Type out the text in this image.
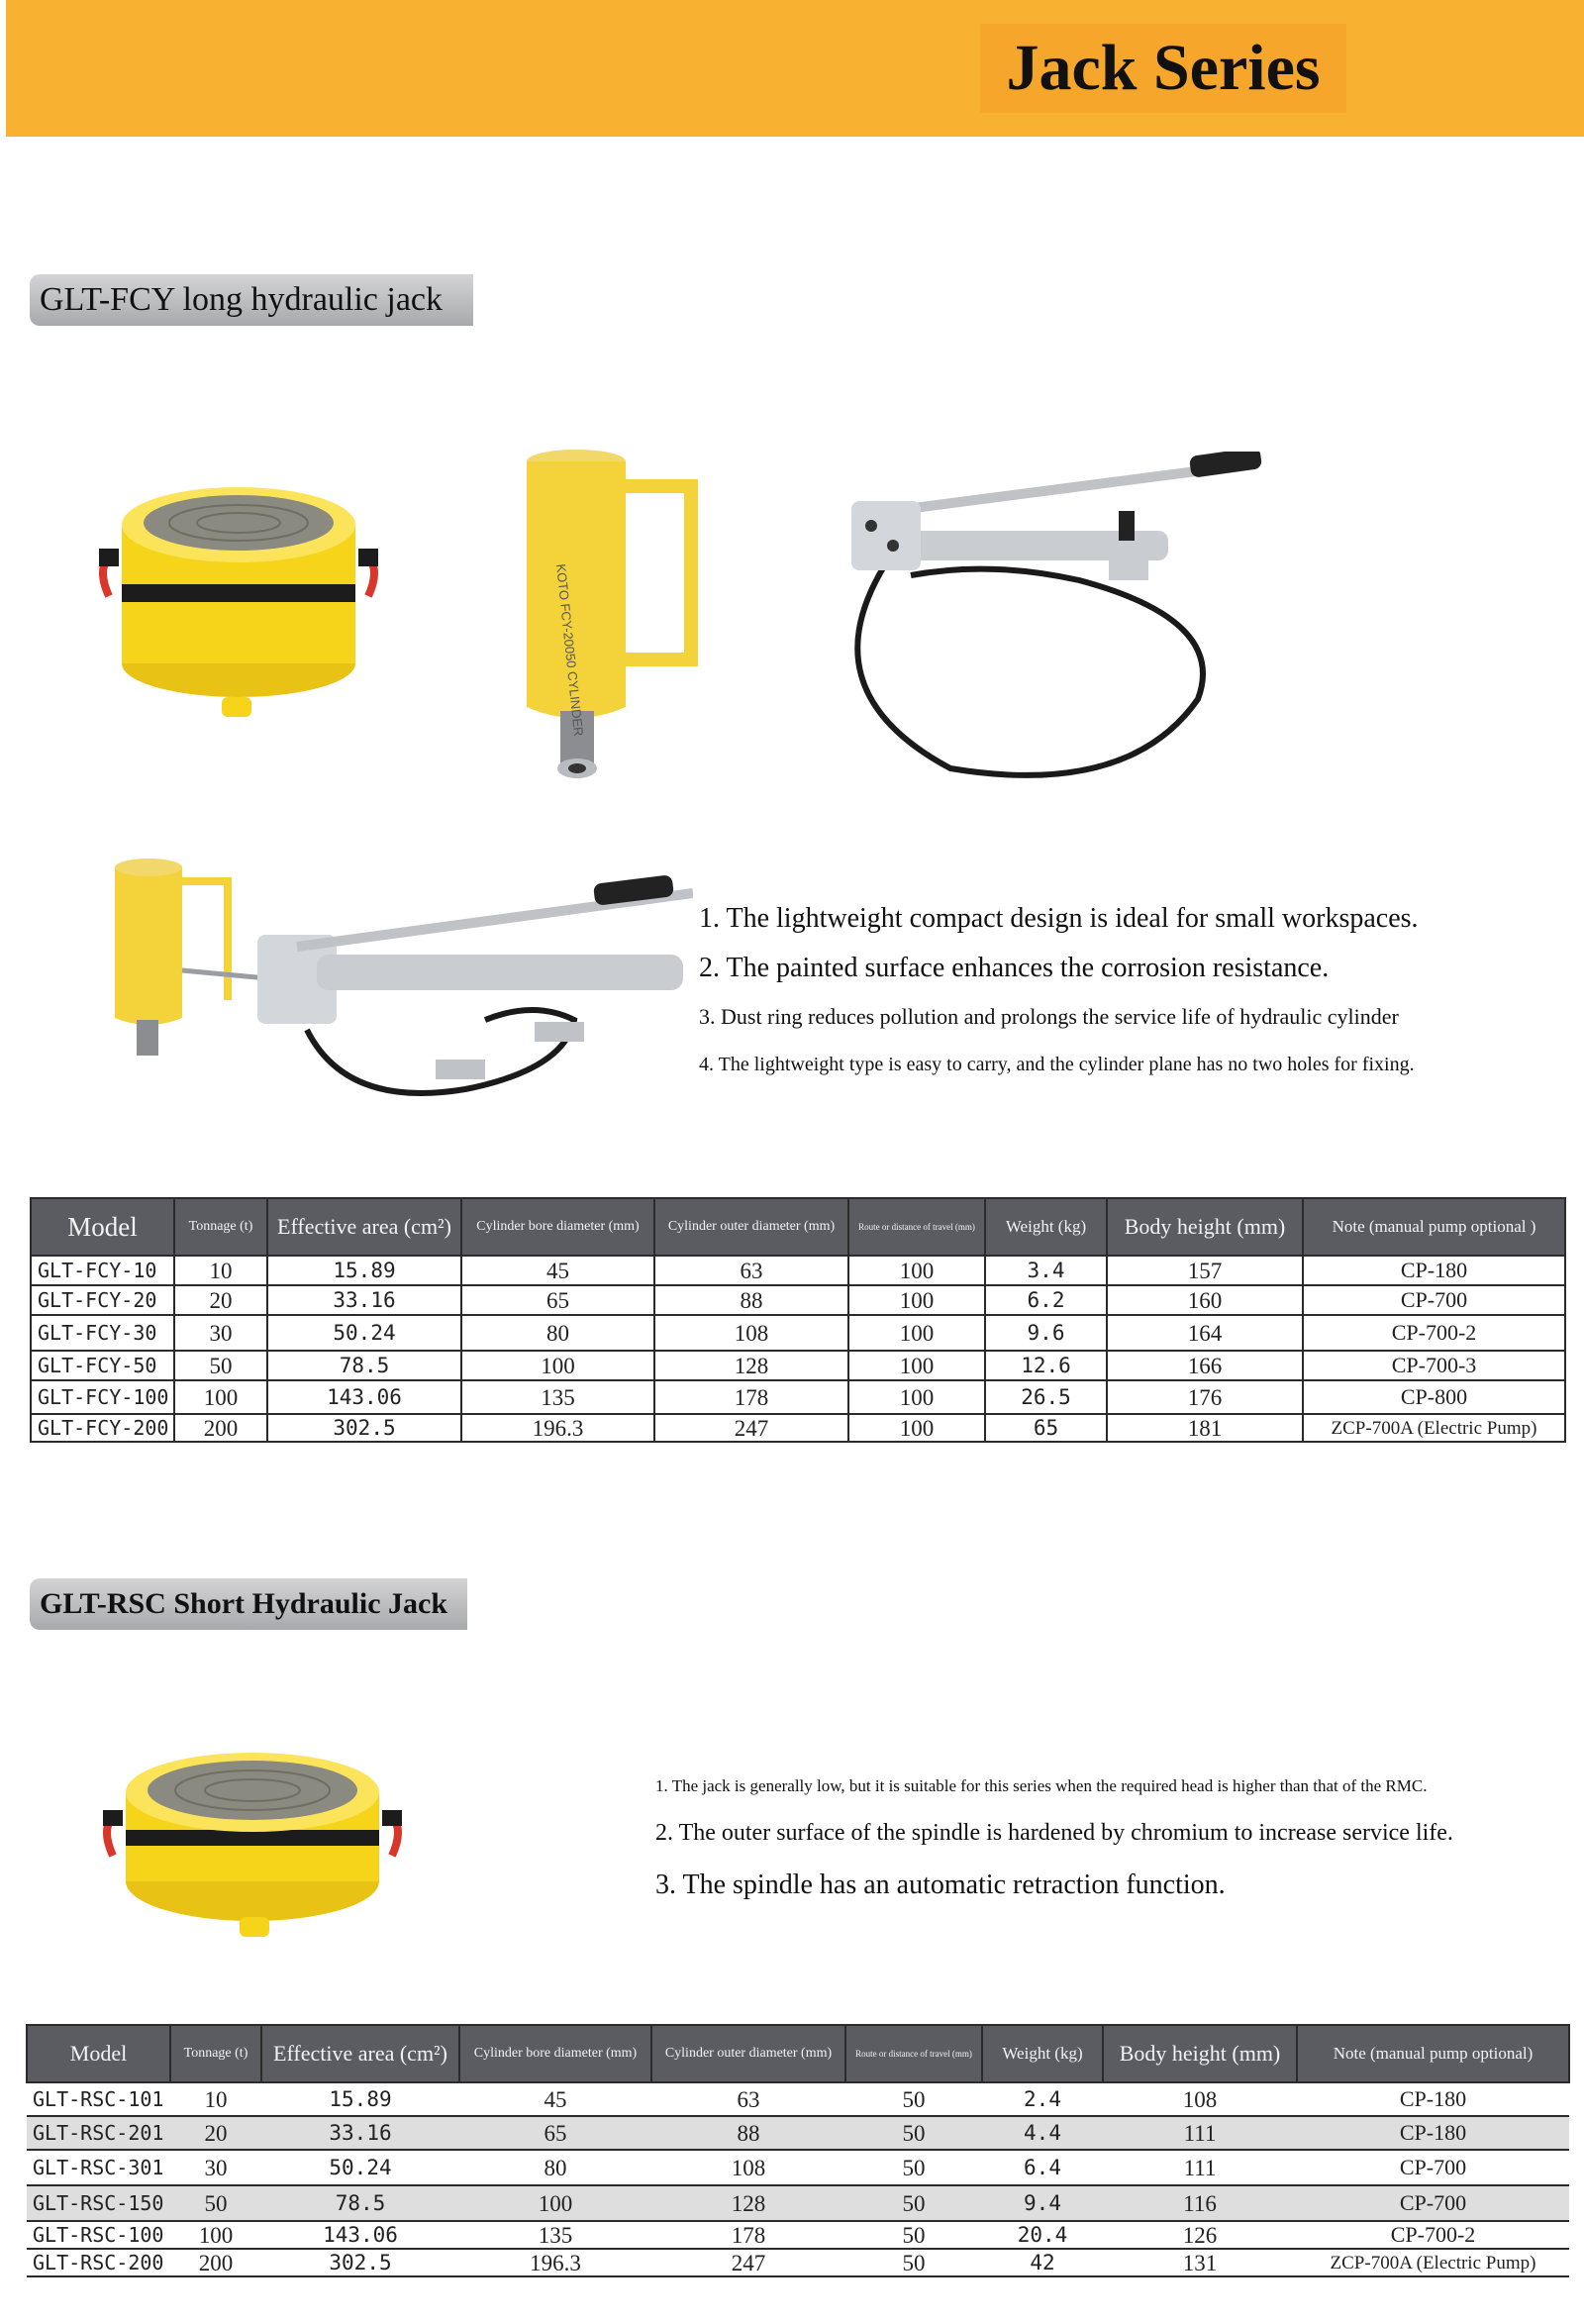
Jack Series
GLT-FCY long hydraulic jack
KOTO FCY-20050 CYLINDER
1. The lightweight compact design is ideal for small workspaces.
2. The painted surface enhances the corrosion resistance.
3. Dust ring reduces pollution and prolongs the service life of hydraulic cylinder
4. The lightweight type is easy to carry, and the cylinder plane has no two holes for fixing.
Model	Tonnage (t)	Effective area (cm²)	Cylinder bore diameter (mm)	Cylinder outer diameter (mm)	Route or distance of travel (mm)	Weight (kg)	Body height (mm)	Note (manual pump optional )
GLT-FCY-10	10	15.89	45	63	100	3.4	157	CP-180
GLT-FCY-20	20	33.16	65	88	100	6.2	160	CP-700
GLT-FCY-30	30	50.24	80	108	100	9.6	164	CP-700-2
GLT-FCY-50	50	78.5	100	128	100	12.6	166	CP-700-3
GLT-FCY-100	100	143.06	135	178	100	26.5	176	CP-800
GLT-FCY-200	200	302.5	196.3	247	100	65	181	ZCP-700A (Electric Pump)
GLT-RSC Short Hydraulic Jack
1. The jack is generally low, but it is suitable for this series when the required head is higher than that of the RMC.
2. The outer surface of the spindle is hardened by chromium to increase service life.
3. The spindle has an automatic retraction function.
Model	Tonnage (t)	Effective area (cm²)	Cylinder bore diameter (mm)	Cylinder outer diameter (mm)	Route or distance of travel (mm)	Weight (kg)	Body height (mm)	Note (manual pump optional)
GLT-RSC-101	10	15.89	45	63	50	2.4	108	CP-180
GLT-RSC-201	20	33.16	65	88	50	4.4	111	CP-180
GLT-RSC-301	30	50.24	80	108	50	6.4	111	CP-700
GLT-RSC-150	50	78.5	100	128	50	9.4	116	CP-700
GLT-RSC-100	100	143.06	135	178	50	20.4	126	CP-700-2
GLT-RSC-200	200	302.5	196.3	247	50	42	131	ZCP-700A (Electric Pump)
